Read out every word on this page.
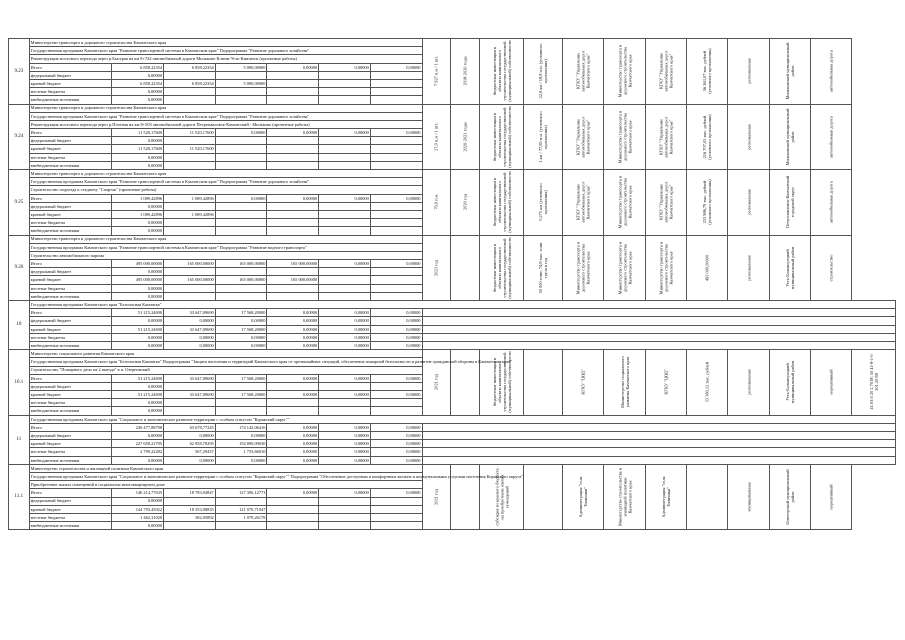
9.23	Министерство транспорта и дорожного строительства Камчатского края							7 927 п.м / 1 шт.	2018-2020 годы	бюджетные инвестиции в объекты капитального строительства государственной (муниципальной) собственности	22,8 км / 18,8 п.м. (условного протяжения)	КГКУ "Управление автомобильных дорог Камчатского края"	Министерство транспорта и дорожного строительства Камчатского края	КГКУ "Управление автомобильных дорог Камчатского края"	56 263,07 тыс. рублей (условного протяжения)	региональная	Мильковский муниципальный район	автомобильная дорога	

	Государственная программа Камчатского края "Развитие транспортной системы в Камчатском крае" Подпрограмма "Развитие дорожного хозяйства"																		
	Реконструкция мостового перехода через р.Быстрая на км 8+742 автомобильной дороги Мильково-Ключи-Усть-Камчатск (проектные работы)																		
	Итого	6 858,22354	6 858,22354	5 000,00000	0,00000	0,00000	0,00000												
	федеральный бюджет	0,00000																	
	краевой бюджет	6 858,22354	6 858,22354	5 000,00000															
	местные бюджеты	0,00000																	
	внебюджетные источники	0,00000																	
9.24	Министерство транспорта и дорожного строительства Камчатского края							27,0 п.м / 1 шт.	2020-2021 годы	бюджетные инвестиции в объекты капитального строительства государственной (муниципальной) собственности	1 км / 77,85 п.м. (условного протяжения)	КГКУ "Управление автомобильных дорог Камчатского края"	Министерство транспорта и дорожного строительства Камчатского края	КГКУ "Управление автомобильных дорог Камчатского края"	216 707,05 тыс. рублей (условного протяжения)	региональная	Мильковский муниципальный район	автомобильная дорога	

	Государственная программа Камчатского края "Развитие транспортной системы в Камчатском крае" Подпрограмма "Развитие дорожного хозяйства"																		
	Реконструкция мостового перехода через р.Плотная на км 8+503 автомобильной дороги Петропавловск-Камчатский - Мильково (проектные работы)																		
	Итого	11 520,17600	11 520,17600	0,00000	0,00000	0,00000	0,00000												
	федеральный бюджет	0,00000																	
	краевой бюджет	11 520,17600	11 520,17600																
	местные бюджеты	0,00000																	
	внебюджетные источники	0,00000																	
9.25	Министерство транспорта и дорожного строительства Камчатского края							70,0 п.м	2020 год	бюджетные инвестиции в объекты капитального строительства государственной (муниципальной) собственности	0,275 км (условного протяжения)	КГКУ "Управление автомобильных дорог Камчатского края"	Министерство транспорта и дорожного строительства Камчатского края	КГКУ "Управление автомобильных дорог Камчатского края"	253 986,79 тыс. рублей (условного протяжения)	региональная	Петропавловск-Камчатский городской округ	автомобильная дорога	

	Государственная программа Камчатского края "Развитие транспортной системы в Камчатском крае" Подпрограмма "Развитие дорожного хозяйства"																		
	Строительство подъезда к стадиону "Спартак" (проектные работы)																		
	Итого	1 089,42896	1 089,42896	0,00000	0,00000	0,00000	0,00000												
	федеральный бюджет	0,00000																	
	краевой бюджет	1 089,42896	1 089,42896																
	местные бюджеты	0,00000																	
	внебюджетные источники	0,00000																	
9.26	Министерство транспорта и дорожного строительства Камчатского края							2023 год		бюджетные инвестиции в объекты капитального строительства государственной (муниципальной) собственности	50 000 тонн; 74,8 тыс. тонн груза в год	Министерство транспорта и дорожного строительства Камчатского края	Министерство транспорта и дорожного строительства Камчатского края	Министерство транспорта и дорожного строительства Камчатского края	495 000,00000	региональная	Усть-Большерецкий муниципальный район	строительство	

	Государственная программа Камчатского края "Развитие транспортной системы в Камчатском крае" Подпрограмма "Развитие водного транспорта"																		
	Строительство автомобильного парома																		
	Итого	495 000,00000	165 000,00000	165 000,00000	165 000,00000	0,00000	0,00000												
	федеральный бюджет	0,00000																	
	краевой бюджет	495 000,00000	165 000,00000	165 000,00000	165 000,00000														
	местные бюджеты	0,00000																	
	внебюджетные источники	0,00000																	
10	Государственная программа Камчатского края "Безопасная Камчатка"																		
	Итого	51 215,24690	33 647,09690	17 568,20000	0,00000	0,00000	0,00000												
	федеральный бюджет	0,00000	0,00000	0,00000	0,00000	0,00000	0,00000												
	краевой бюджет	51 215,24690	33 647,09690	17 568,20000	0,00000	0,00000	0,00000												
	местные бюджеты	0,00000	0,00000	0,00000	0,00000	0,00000	0,00000												
	внебюджетные источники	0,00000	0,00000	0,00000	0,00000	0,00000	0,00000												
10.1	Министерство социального развития Камчатского края							2021 год		бюджетные инвестиции в объекты капитального строительства государственной (муниципальной) собственности		КГКУ "ЦОД"	Министерство социального развития Камчатского края	КГКУ "ЦОД"	53 580,12 тыс. рублей	региональная	Усть-Большерецкий муниципальный район	нормативный	41:03:0 20 2 7018; 50 41-8-1-0 201.50 88

	Государственная программа Камчатского края "Безопасная Камчатка" Подпрограмма "Защита населения и территорий Камчатского края от чрезвычайных ситуаций, обеспечение пожарной безопасности и развитие гражданской обороны в Камчатском крае"																		
	Строительство "Пожарного депо на 2 выезда" в п. Озерновский																		
	Итого	51 215,24690	33 647,09690	17 568,20000	0,00000	0,00000	0,00000												
	федеральный бюджет	0,00000																	
	краевой бюджет	51 215,24690	33 647,09690	17 568,20000	0,00000	0,00000	0,00000												
	местные бюджеты	0,00000																	
	внебюджетные источники	0,00000																	
11	Государственная программа Камчатского края "Социальное и экономическое развитие территории с особым статусом "Корякский округ""																		
	Итого	230 477,88798	63 678,77245	174 143,06416	0,00000	0,00000	0,00000												
	федеральный бюджет	0,00000	0,00000	0,00000	0,00000	0,00000	0,00000												
	краевой бюджет	227 658,21795	62 858,78295	154 890,09030	0,00000	0,00000	0,00000												
	местные бюджеты	2 799,22282	567,29437	1 753,66010	0,00000	0,00000	0,00000												
	внебюджетные источники	0,00000	0,00000	0,00000	0,00000	0,00000	0,00000												
11.1	Министерство строительства и жилищной политики Камчатского края							2021 год		субсидия из краевого бюджета на приобретение жилых помещений		Администрация "села Тиличики"	Министерство строительства и жилищной политики Камчатского края	Администрация "села Тиличики"		муниципальная	Олюторский муниципальный район	нормативный	

	Государственная программа Камчатского края "Социальное и экономическое развитие территории с особым статусом "Корякский округ"" Подпрограмма "Обеспечение доступным и комфортным жильем и коммунальными услугами населения Корякского округа"																		
	Приобретение жилых помещений в социальном многоквартирном доме																		
	Итого	146 214,77635	18 783,94847	127 396,12773	0,00000	0,00000	0,00000												
	федеральный бюджет	0,00000																	
	краевой бюджет	144 793,45922	18 353,08835	121 070,71047															
	местные бюджеты	1 462,31028	382,05892	1 079,26178															
	внебюджетные источники	0,00000																	
